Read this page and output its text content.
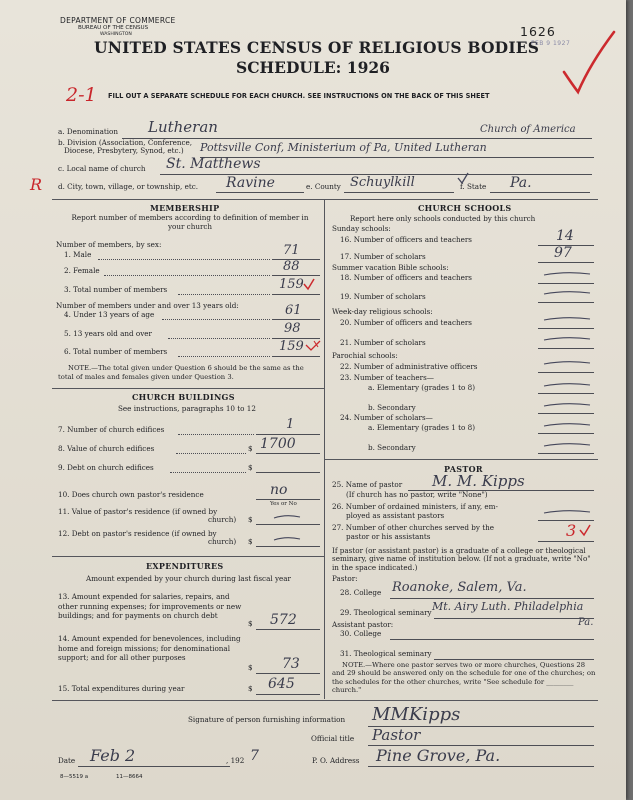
DEPARTMENT OF COMMERCE
BUREAU OF THE CENSUS
WASHINGTON
UNITED STATES CENSUS OF RELIGIOUS BODIES
SCHEDULE: 1926
FILL OUT A SEPARATE SCHEDULE FOR EACH CHURCH. SEE INSTRUCTIONS ON THE BACK OF THIS SHEET
1626
FEB 9 1927
2-1
R
a. Denomination Lutheran
b. Division (Association, Conference,
Diocese, Presbytery, Synod, etc.) Pottsville Conf, Ministerium of Pa, United Lutheran
Church of America
c. Local name of church St. Matthews
d. City, town, village, or township, etc. Ravine	e. County Schuylkill	f. State Pa.
MEMBERSHIP
Report number of members according to definition of member in your church
Number of members, by sex:
1. Male	71
2. Female	88
3. Total number of members	159
Number of members under and over 13 years old:
4. Under 13 years of age	61
5. 13 years old and over	98
6. Total number of members	159
NOTE.—The total given under Question 6 should be the same as the total of males and females given under Question 3.
CHURCH BUILDINGS
See instructions, paragraphs 10 to 12
7. Number of church edifices	1
8. Value of church edifices	$ 1700
9. Debt on church edifices	$
10. Does church own pastor's residence	no
Yes or No
11. Value of pastor's residence (if owned by
church) $
12. Debt on pastor's residence (if owned by
church) $
EXPENDITURES
Amount expended by your church during last fiscal year
13. Amount expended for salaries, repairs, and other running expenses; for improvements or new buildings; and for payments on church debt
$ 572
14. Amount expended for benevolences, including home and foreign missions; for denominational support; and for all other purposes
$ 73
15. Total expenditures during year	$ 645
CHURCH SCHOOLS
Report here only schools conducted by this church
Sunday schools:
16. Number of officers and teachers	14
17. Number of scholars	97
Summer vacation Bible schools:
18. Number of officers and teachers
19. Number of scholars
Week-day religious schools:
20. Number of officers and teachers
21. Number of scholars
Parochial schools:
22. Number of administrative officers
23. Number of teachers—
a. Elementary (grades 1 to 8)
b. Secondary
24. Number of scholars—
a. Elementary (grades 1 to 8)
b. Secondary
PASTOR
25. Name of pastor M. M. Kipps
(If church has no pastor, write "None")
26. Number of ordained ministers, if any, em-
ployed as assistant pastors
27. Number of other churches served by the
pastor or his assistants	3
If pastor (or assistant pastor) is a graduate of a college or theological seminary, give name of institution below. (If not a graduate, write "No" in the space indicated.)
Pastor:
28. College Roanoke, Salem, Va.
29. Theological seminary Mt. Airy Luth. Philadelphia
Pa.
Assistant pastor:
30. College
31. Theological seminary
NOTE.—Where one pastor serves two or more churches, Questions 28 and 29 should be answered only on the schedule for one of the churches; on the schedules for the other churches, write "See schedule for ________ church."
Signature of person furnishing information MMKipps
Official title Pastor
Date Feb 2	, 192 7	P. O. Address Pine Grove, Pa.
8—5519 a	11—8664
